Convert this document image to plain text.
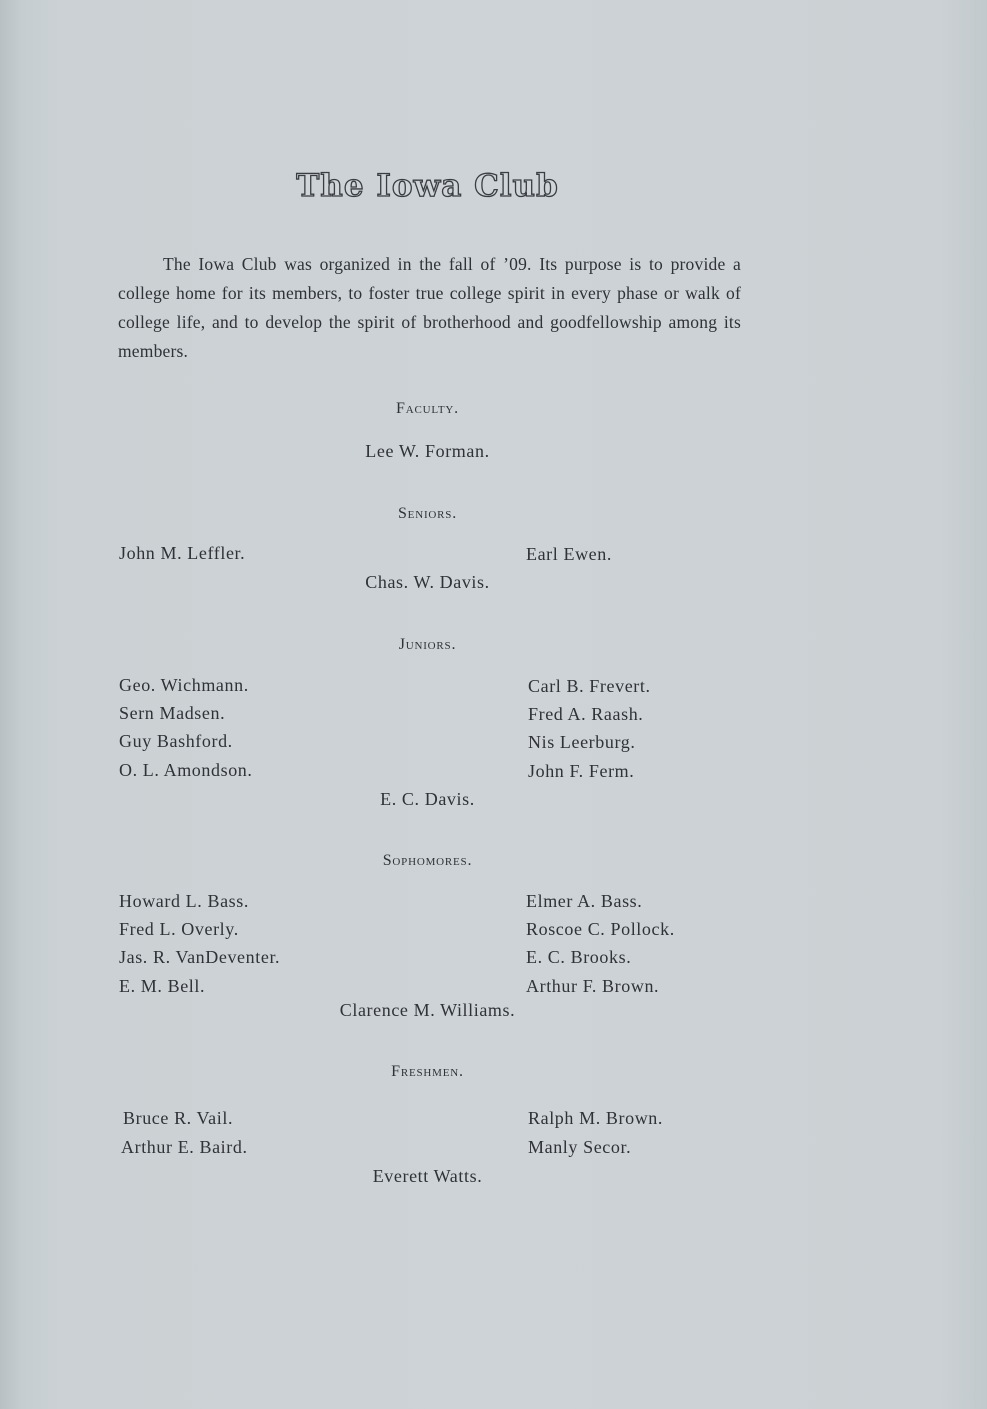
The Iowa Club
The Iowa Club was organized in the fall of ’09. Its purpose is to provide a college home for its members, to foster true college spirit in every phase or walk of college life, and to develop the spirit of brotherhood and goodfellowship among its members.
Faculty.
Lee W. Forman.
Seniors.
John M. Leffler.	Earl Ewen.
Chas. W. Davis.
Juniors.
Geo. Wichmann.
Sern Madsen.
Guy Bashford.
O. L. Amondson.
Carl B. Frevert.
Fred A. Raash.
Nis Leerburg.
John F. Ferm.
E. C. Davis.
Sophomores.
Howard L. Bass.
Fred L. Overly.
Jas. R. VanDeventer.
E. M. Bell.
Elmer A. Bass.
Roscoe C. Pollock.
E. C. Brooks.
Arthur F. Brown.
Clarence M. Williams.
Freshmen.
Bruce R. Vail.
Arthur E. Baird.
Ralph M. Brown.
Manly Secor.
Everett Watts.
